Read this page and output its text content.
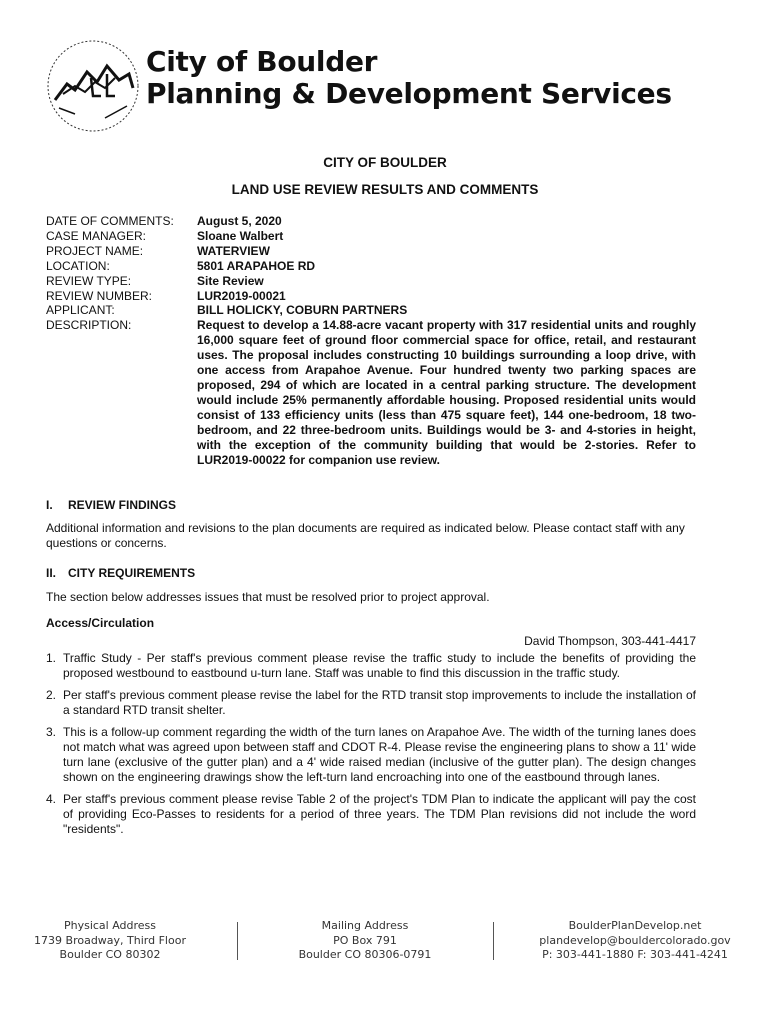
City of Boulder
Planning & Development Services
CITY OF BOULDER
LAND USE REVIEW RESULTS AND COMMENTS
DATE OF COMMENTS:	August 5, 2020
CASE MANAGER:	Sloane Walbert
PROJECT NAME:	WATERVIEW
LOCATION:	5801 ARAPAHOE RD
REVIEW TYPE:	Site Review
REVIEW NUMBER:	LUR2019-00021
APPLICANT:	BILL HOLICKY, COBURN PARTNERS
DESCRIPTION:	Request to develop a 14.88-acre vacant property with 317 residential units and roughly 16,000 square feet of ground floor commercial space for office, retail, and restaurant uses. The proposal includes constructing 10 buildings surrounding a loop drive, with one access from Arapahoe Avenue. Four hundred twenty two parking spaces are proposed, 294 of which are located in a central parking structure. The development would include 25% permanently affordable housing. Proposed residential units would consist of 133 efficiency units (less than 475 square feet), 144 one-bedroom, 18 two-bedroom, and 22 three-bedroom units. Buildings would be 3- and 4-stories in height, with the exception of the community building that would be 2-stories. Refer to LUR2019-00022 for companion use review.
I. REVIEW FINDINGS
Additional information and revisions to the plan documents are required as indicated below. Please contact staff with any questions or concerns.
II. CITY REQUIREMENTS
The section below addresses issues that must be resolved prior to project approval.
Access/Circulation
David Thompson, 303-441-4417
1. Traffic Study - Per staff's previous comment please revise the traffic study to include the benefits of providing the proposed westbound to eastbound u-turn lane. Staff was unable to find this discussion in the traffic study.
2. Per staff's previous comment please revise the label for the RTD transit stop improvements to include the installation of a standard RTD transit shelter.
3. This is a follow-up comment regarding the width of the turn lanes on Arapahoe Ave. The width of the turning lanes does not match what was agreed upon between staff and CDOT R-4. Please revise the engineering plans to show a 11' wide turn lane (exclusive of the gutter plan) and a 4' wide raised median (inclusive of the gutter plan). The design changes shown on the engineering drawings show the left-turn land encroaching into one of the eastbound through lanes.
4. Per staff's previous comment please revise Table 2 of the project's TDM Plan to indicate the applicant will pay the cost of providing Eco-Passes to residents for a period of three years. The TDM Plan revisions did not include the word "residents".
Physical Address
1739 Broadway, Third Floor
Boulder CO 80302
Mailing Address
PO Box 791
Boulder CO 80306-0791
BoulderPlanDevelop.net
plandevelop@bouldercolorado.gov
P: 303-441-1880 F: 303-441-4241
